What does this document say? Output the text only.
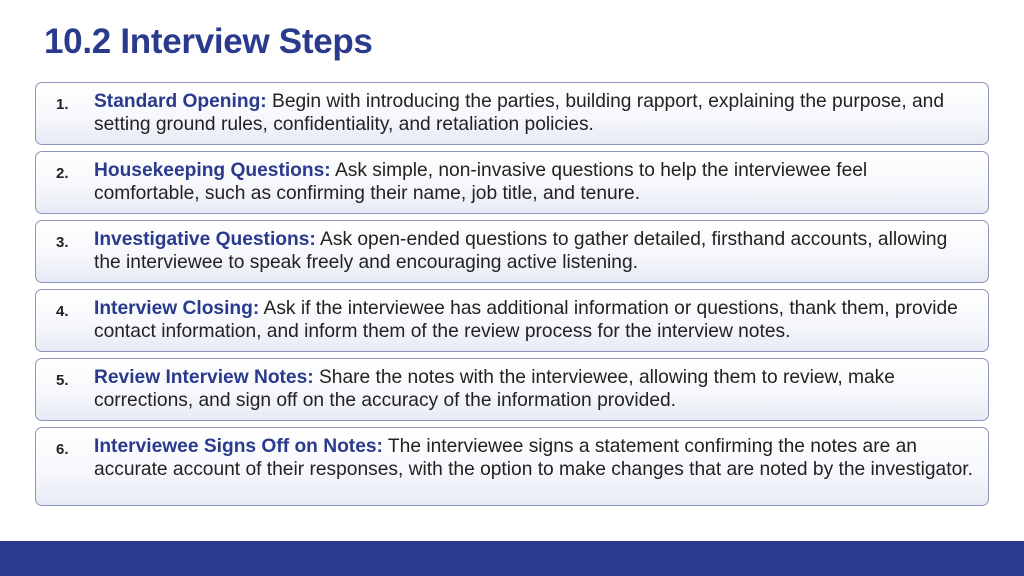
10.2 Interview Steps
1. Standard Opening: Begin with introducing the parties, building rapport, explaining the purpose, and setting ground rules, confidentiality, and retaliation policies.
2. Housekeeping Questions: Ask simple, non-invasive questions to help the interviewee feel comfortable, such as confirming their name, job title, and tenure.
3. Investigative Questions: Ask open-ended questions to gather detailed, firsthand accounts, allowing the interviewee to speak freely and encouraging active listening.
4. Interview Closing: Ask if the interviewee has additional information or questions, thank them, provide contact information, and inform them of the review process for the interview notes.
5. Review Interview Notes: Share the notes with the interviewee, allowing them to review, make corrections, and sign off on the accuracy of the information provided.
6. Interviewee Signs Off on Notes: The interviewee signs a statement confirming the notes are an accurate account of their responses, with the option to make changes that are noted by the investigator.
